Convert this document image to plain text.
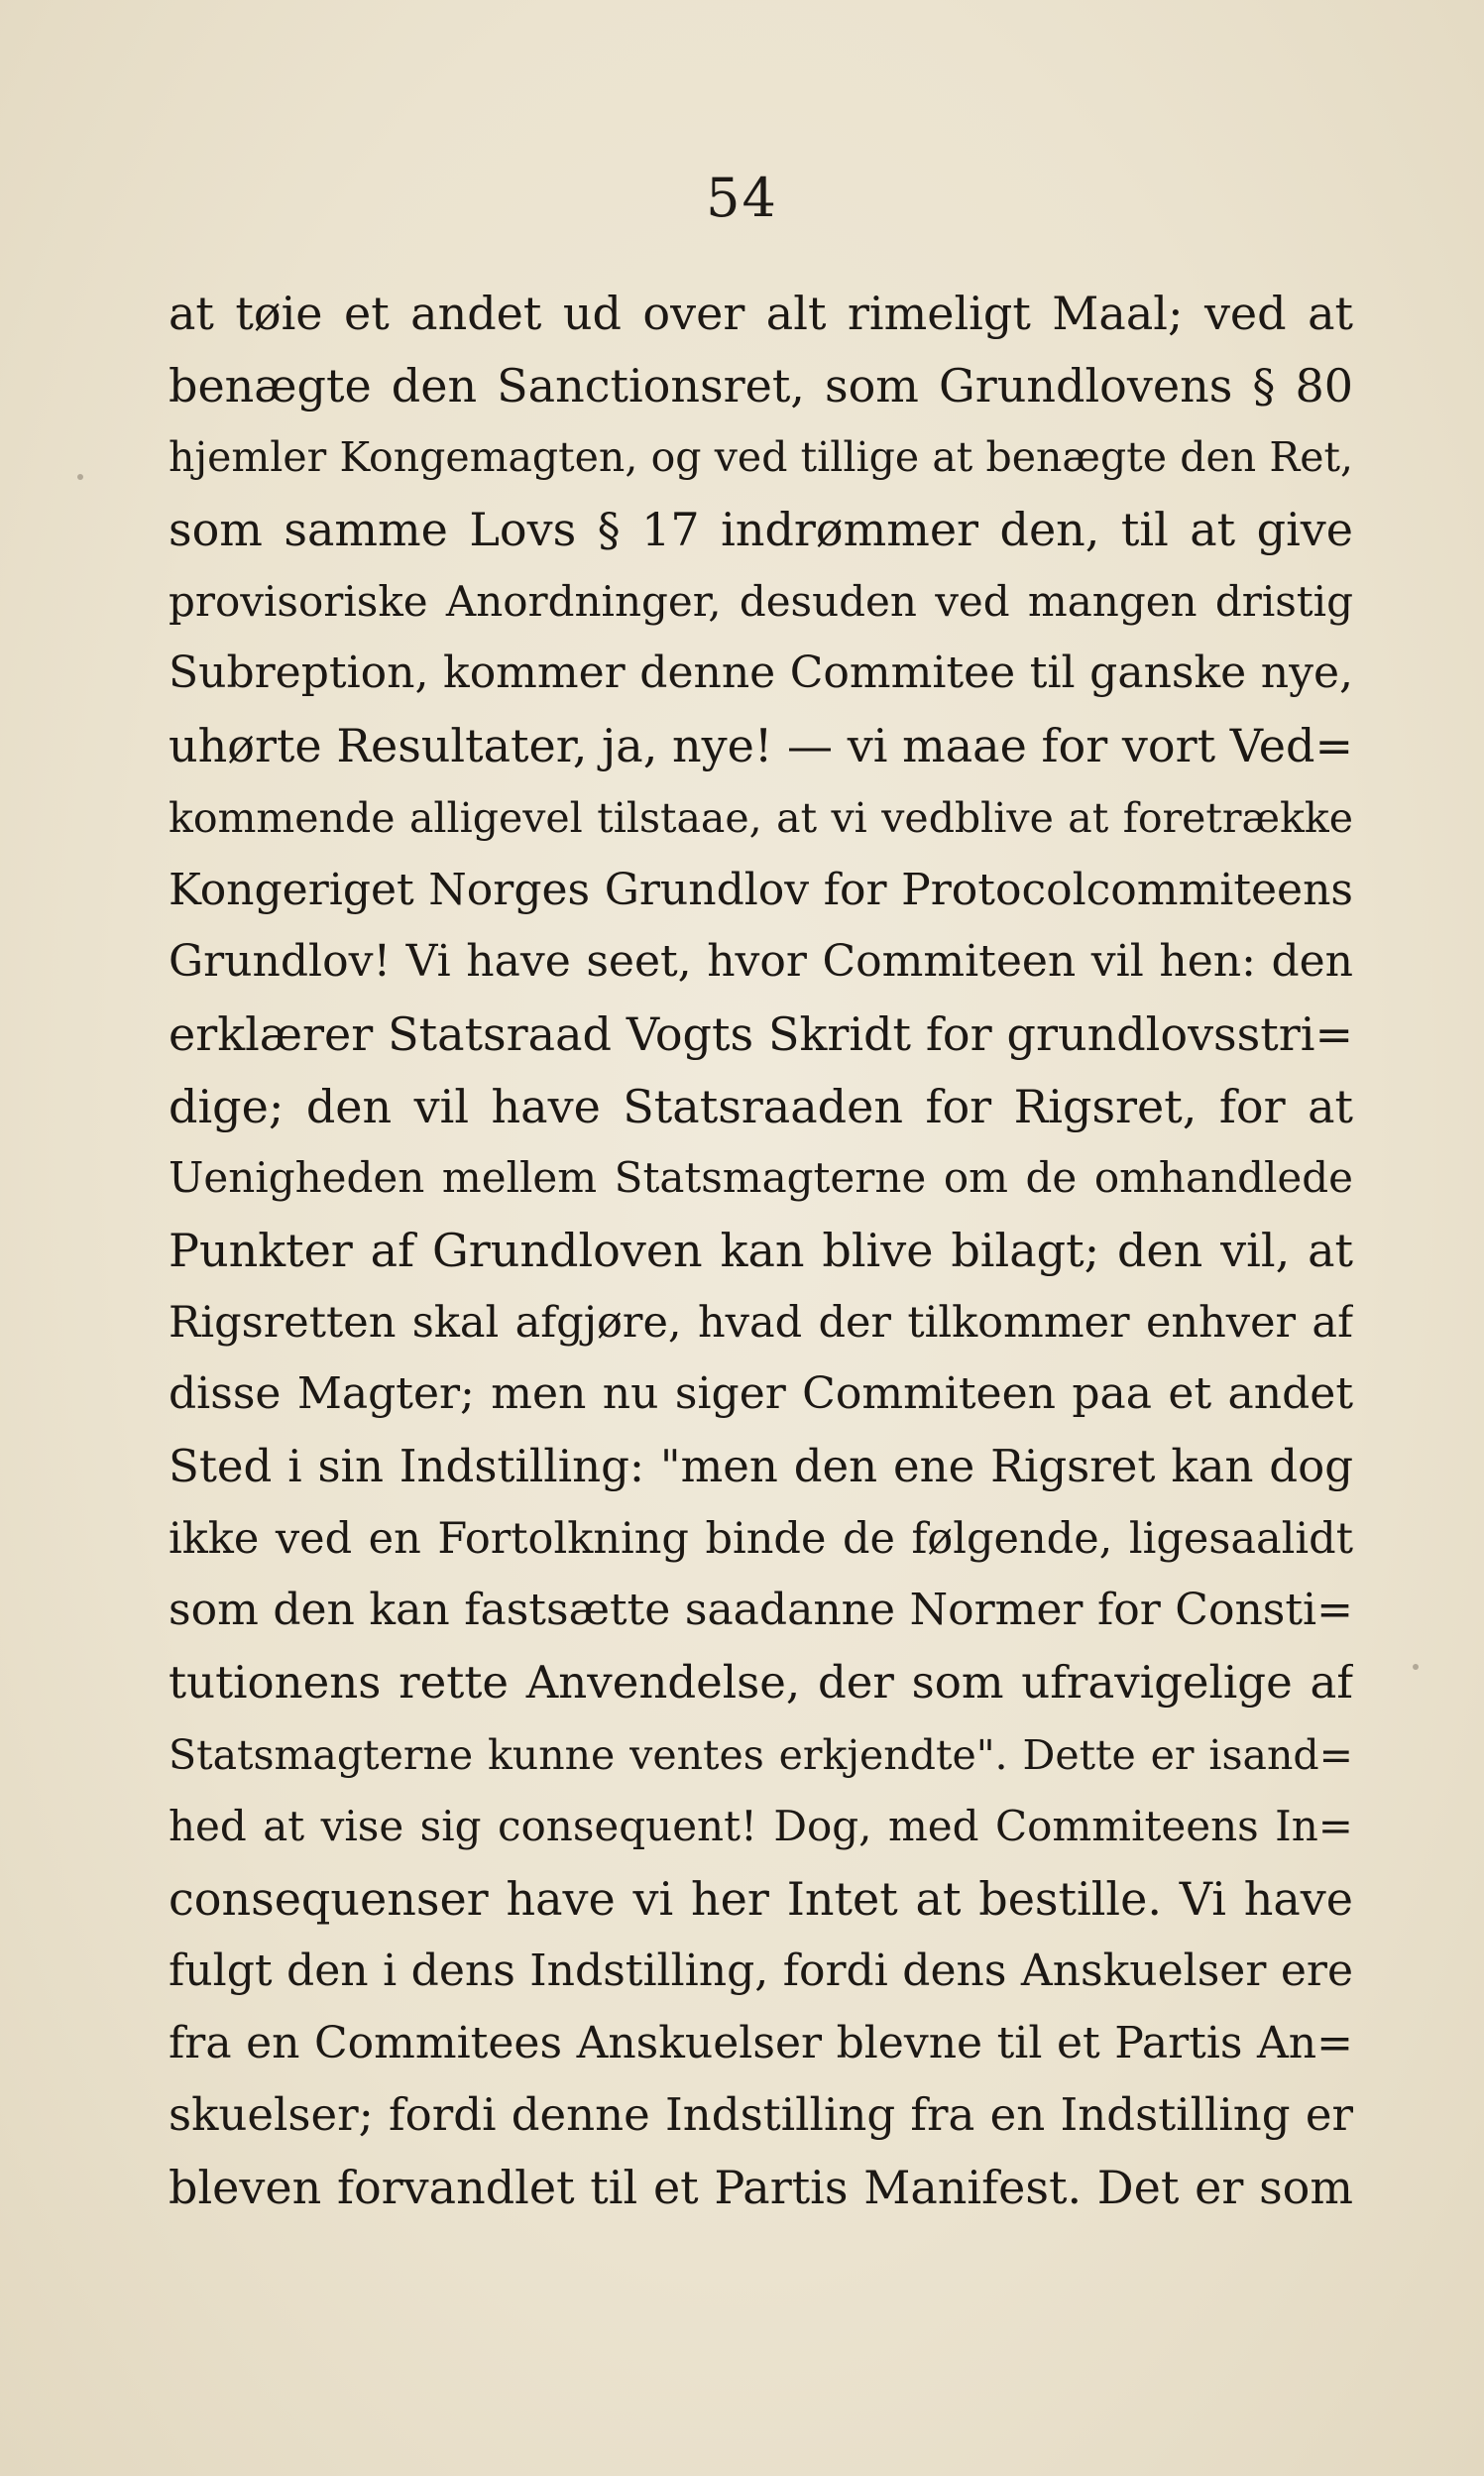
54
at tøie et andet ud over alt rimeligt Maal; ved at
benægte den Sanctionsret, som Grundlovens § 80
hjemler Kongemagten, og ved tillige at benægte den Ret,
som samme Lovs § 17 indrømmer den, til at give
provisoriske Anordninger, desuden ved mangen dristig
Subreption, kommer denne Commitee til ganske nye,
uhørte Resultater, ja, nye! — vi maae for vort Ved=
kommende alligevel tilstaae, at vi vedblive at foretrække
Kongeriget Norges Grundlov for Protocolcommiteens
Grundlov! Vi have seet, hvor Commiteen vil hen: den
erklærer Statsraad Vogts Skridt for grundlovsstri=
dige; den vil have Statsraaden for Rigsret, for at
Uenigheden mellem Statsmagterne om de omhandlede
Punkter af Grundloven kan blive bilagt; den vil, at
Rigsretten skal afgjøre, hvad der tilkommer enhver af
disse Magter; men nu siger Commiteen paa et andet
Sted i sin Indstilling: "men den ene Rigsret kan dog
ikke ved en Fortolkning binde de følgende, ligesaalidt
som den kan fastsætte saadanne Normer for Consti=
tutionens rette Anvendelse, der som ufravigelige af
Statsmagterne kunne ventes erkjendte". Dette er isand=
hed at vise sig consequent! Dog, med Commiteens In=
consequenser have vi her Intet at bestille. Vi have
fulgt den i dens Indstilling, fordi dens Anskuelser ere
fra en Commitees Anskuelser blevne til et Partis An=
skuelser; fordi denne Indstilling fra en Indstilling er
bleven forvandlet til et Partis Manifest. Det er som
